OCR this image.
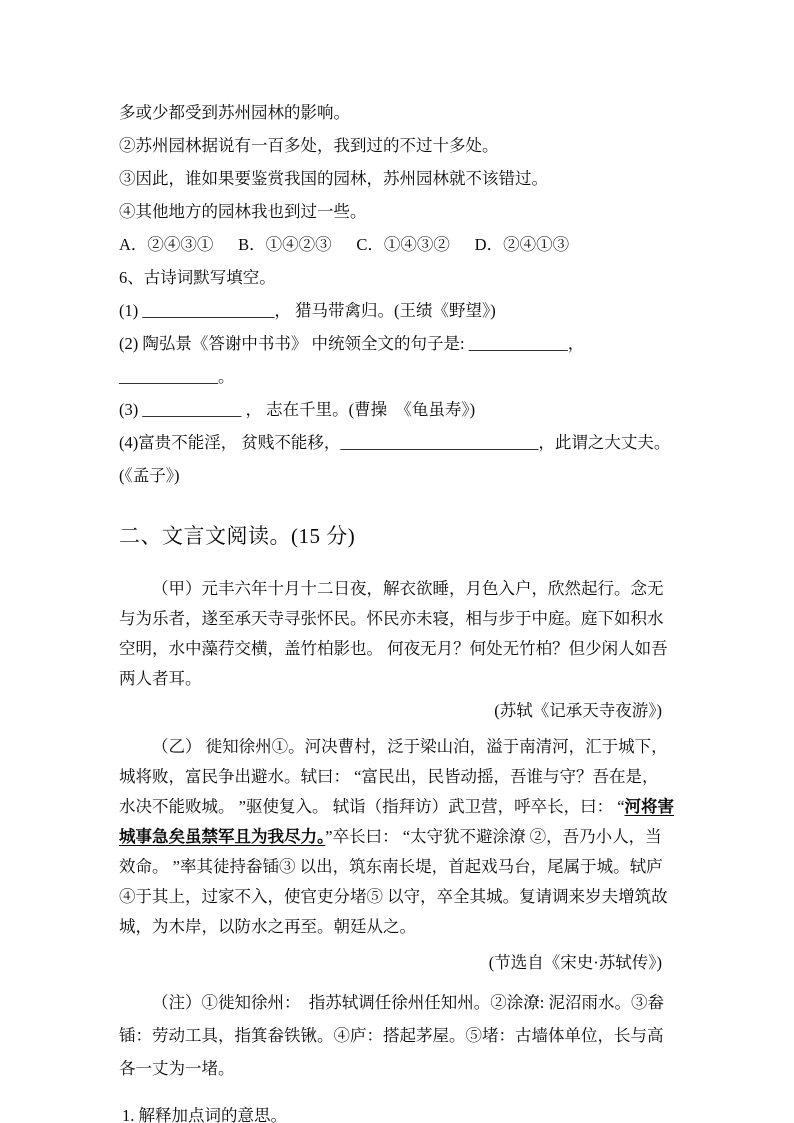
多或少都受到苏州园林的影响。

②苏州园林据说有一百多处，我到过的不过十多处。

③因此，谁如果要鉴赏我国的园林，苏州园林就不该错过。

④其他地方的园林我也到过一些。

A．②④③①      B．①④②③      C．①④③②      D．②④①③

6、古诗词默写填空。

(1) ________________， 猎马带禽归。(王绩《野望》)

(2) 陶弘景《答谢中书书》 中统领全文的句子是: ____________，____________。

(3) ____________ ， 志在千里。(曹操  《龟虽寿》)

(4)富贵不能淫， 贫贱不能移，________________________，此谓之大丈夫。 (《孟子》)

二、文言文阅读。(15 分)

（甲）元丰六年十月十二日夜，解衣欲睡，月色入户，欣然起行。念无与为乐者，遂至承天寺寻张怀民。怀民亦未寝，相与步于中庭。庭下如积水空明，水中藻荇交横，盖竹柏影也。 何夜无月？何处无竹柏？但少闲人如吾两人者耳。

(苏轼《记承天寺夜游》)

（乙） 徙知徐州①。河决曹村，泛于梁山泊，溢于南清河，汇于城下，城将败，富民争出避水。轼曰： “富民出，民皆动摇，吾谁与守？吾在是， 水决不能败城。 ”驱使复入。 轼诣（指拜访）武卫营，呼卒长，曰： “河将害城事急矣虽禁军且为我尽力。”卒长曰： “太守犹不避涂潦 ②，吾乃小人，当效命。 ”率其徒持畚锸③ 以出，筑东南长堤，首起戏马台，尾属于城。轼庐④于其上，过家不入，使官吏分堵⑤ 以守，卒全其城。复请调来岁夫增筑故城，为木岸，以防水之再至。朝廷从之。

(节选自《宋史·苏轼传》)

（注）①徙知徐州：  指苏轼调任徐州任知州。②涂潦: 泥沼雨水。③畚锸：劳动工具，指箕畚铁锹。④庐：搭起茅屋。⑤堵：古墙体单位，长与高各一丈为一堵。

1. 解释加点词的意思。
